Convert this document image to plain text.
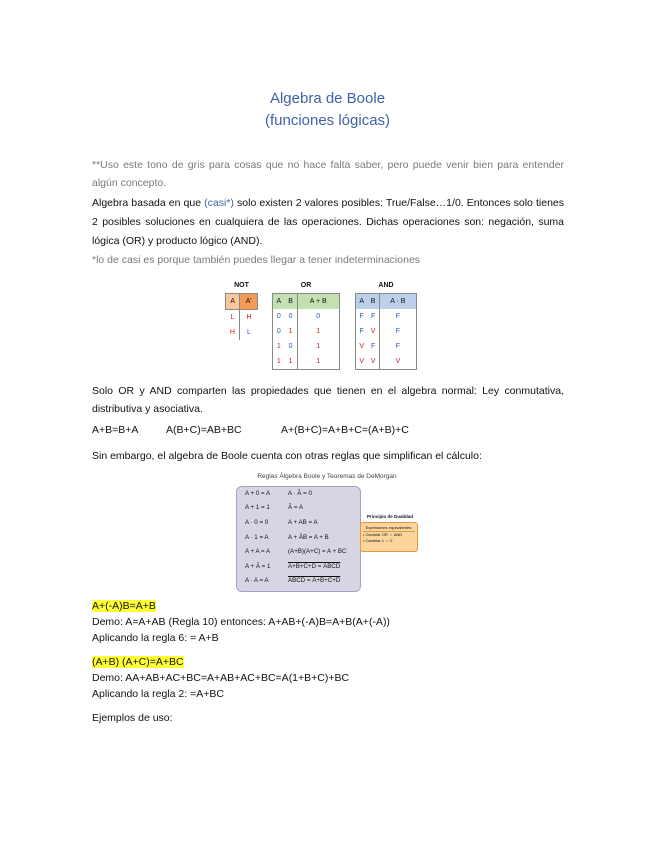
Algebra de Boole
(funciones lógicas)
**Uso este tono de gris para cosas que no hace falta saber, pero puede venir bien para entender algún concepto.
Algebra basada en que (casi*) solo existen 2 valores posibles: True/False…1/0. Entonces solo tienes 2 posibles soluciones en cualquiera de las operaciones. Dichas operaciones son: negación, suma lógica (OR) y producto lógico (AND).
*lo de casi es porque también puedes llegar a tener indeterminaciones
NOT
A	A'
L	H
H	L
OR
A	B	A + B
0	0	0
0	1	1
1	0	1
1	1	1
AND
A	B	A · B
F	F	F
F	V	F
V	F	F
V	V	V
Solo OR y AND comparten las propiedades que tienen en el algebra normal: Ley conmutativa, distributiva y asociativa.
A+B=B+A	A(B+C)=AB+BC	A+(B+C)=A+B+C=(A+B)+C
Sin embargo, el algebra de Boole cuenta con otras reglas que simplifican el cálculo:
Reglas Álgebra Boole y Teoremas de DeMorgan
A + 0 = A
A + 1 = 1
A · 0 = 0
A · 1 = A
A + A = A
A + Ā = 1
A · A = A
A · Ā = 0
Ā = A
A + AB = A
A + ĀB = A + B
(A+B)(A+C) = A + BC
A+B+C+D = ĀB̄C̄D̄
ABCD = Ā+B̄+C̄+D̄
Principio de Dualidad
Expresiones equivalentes:
• Cambiar OR ⇔ AND
• Cambiar 1 ⇔ 0
A+(-A)B=A+B
Demo: A=A+AB (Regla 10) entonces: A+AB+(-A)B=A+B(A+(-A))
Aplicando la regla 6: = A+B
(A+B) (A+C)=A+BC
Demo: AA+AB+AC+BC=A+AB+AC+BC=A(1+B+C)+BC
Aplicando la regla 2: =A+BC
Ejemplos de uso:
